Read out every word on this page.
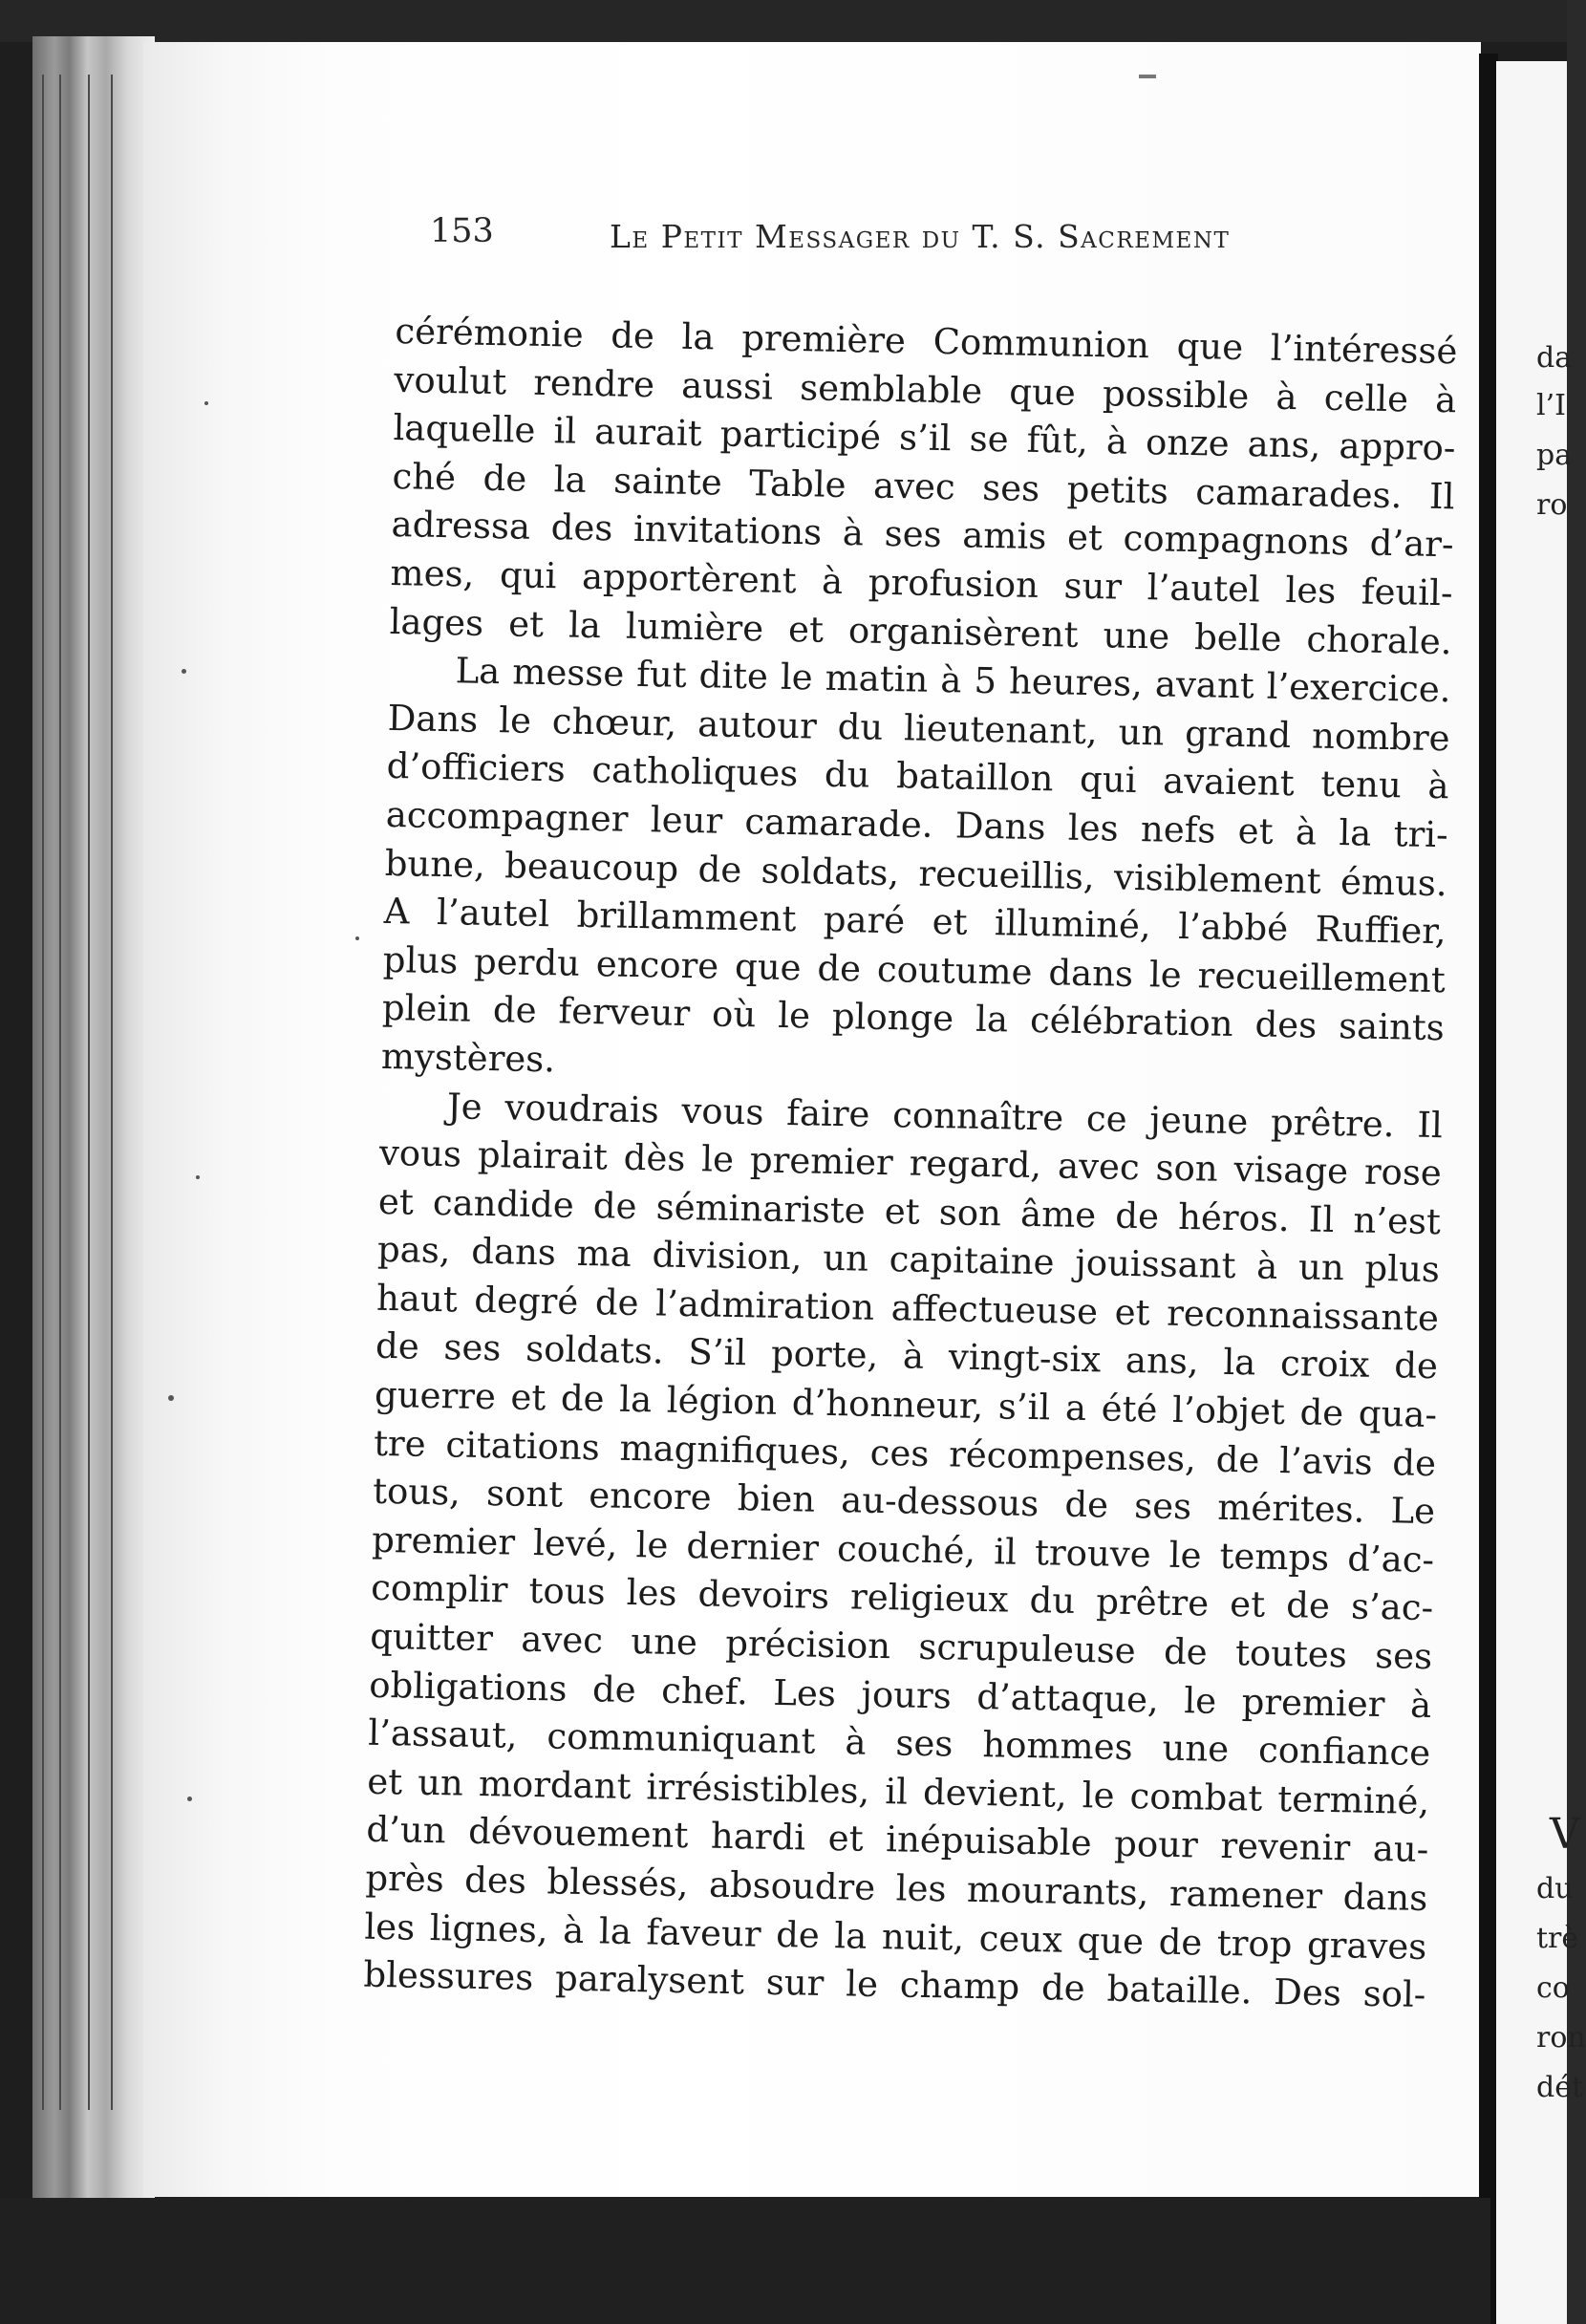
153	Le Petit Messager du T. S. Sacrement
cérémonie de la première Communion que l’intéressé
voulut rendre aussi semblable que possible à celle à
laquelle il aurait participé s’il se fût, à onze ans, appro-
ché de la sainte Table avec ses petits camarades. Il
adressa des invitations à ses amis et compagnons d’ar-
mes, qui apportèrent à profusion sur l’autel les feuil-
lages et la lumière et organisèrent une belle chorale.
La messe fut dite le matin à 5 heures, avant l’exercice.
Dans le chœur, autour du lieutenant, un grand nombre
d’officiers catholiques du bataillon qui avaient tenu à
accompagner leur camarade. Dans les nefs et à la tri-
bune, beaucoup de soldats, recueillis, visiblement émus.
A l’autel brillamment paré et illuminé, l’abbé Ruffier,
plus perdu encore que de coutume dans le recueillement
plein de ferveur où le plonge la célébration des saints
mystères.
Je voudrais vous faire connaître ce jeune prêtre. Il
vous plairait dès le premier regard, avec son visage rose
et candide de séminariste et son âme de héros. Il n’est
pas, dans ma division, un capitaine jouissant à un plus
haut degré de l’admiration affectueuse et reconnaissante
de ses soldats. S’il porte, à vingt-six ans, la croix de
guerre et de la légion d’honneur, s’il a été l’objet de qua-
tre citations magnifiques, ces récompenses, de l’avis de
tous, sont encore bien au-dessous de ses mérites. Le
premier levé, le dernier couché, il trouve le temps d’ac-
complir tous les devoirs religieux du prêtre et de s’ac-
quitter avec une précision scrupuleuse de toutes ses
obligations de chef. Les jours d’attaque, le premier à
l’assaut, communiquant à ses hommes une confiance
et un mordant irrésistibles, il devient, le combat terminé,
d’un dévouement hardi et inépuisable pour revenir au-
près des blessés, absoudre les mourants, ramener dans
les lignes, à la faveur de la nuit, ceux que de trop graves
blessures paralysent sur le champ de bataille. Des sol-
da
l’I
pa
ro
V
du
trè
co
ron
dét
